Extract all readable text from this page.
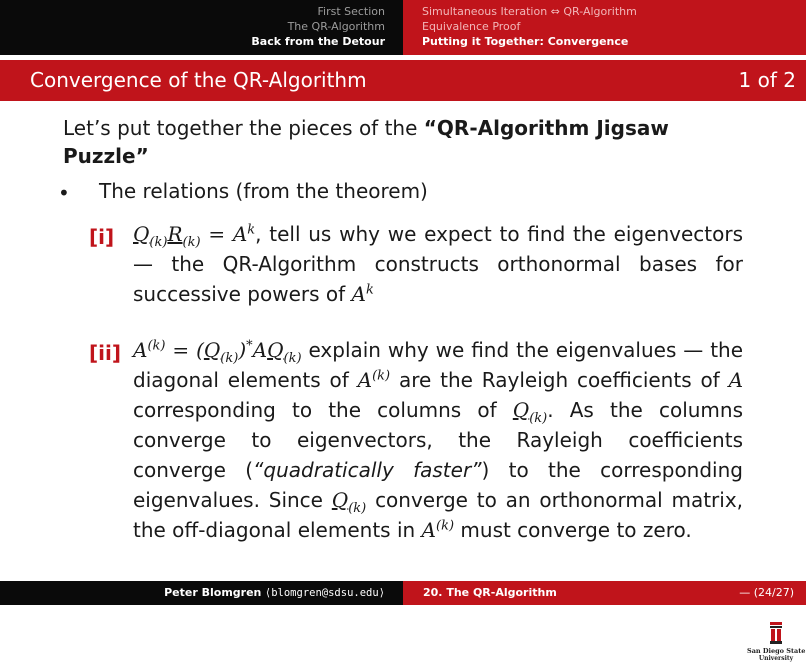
First Section
The QR-Algorithm
Back from the Detour
Simultaneous Iteration ⇔ QR-Algorithm
Equivalence Proof
Putting it Together: Convergence
Convergence of the QR-Algorithm	1 of 2
Let’s put together the pieces of the “QR-Algorithm Jigsaw Puzzle”
• The relations (from the theorem)
[i] $Q_{(k)}R_{(k)} = A^k$, tell us why we expect to find the eigenvectors — the QR-Algorithm constructs orthonormal bases for successive powers of $A^k$
[ii] $A^{(k)} = (Q_{(k)})^*AQ_{(k)}$ explain why we find the eigenvalues — the diagonal elements of $A^{(k)}$ are the Rayleigh coefficients of A corresponding to the columns of $Q_{(k)}$. As the columns converge to eigenvectors, the Rayleigh coefficients converge (“quadratically faster”) to the corresponding eigenvalues. Since $Q_{(k)}$ converge to an orthonormal matrix, the off-diagonal elements in $A^{(k)}$ must converge to zero.
San Diego State
University
Peter Blomgren ⟨blomgren@sdsu.edu⟩	20. The QR-Algorithm	— (24/27)
